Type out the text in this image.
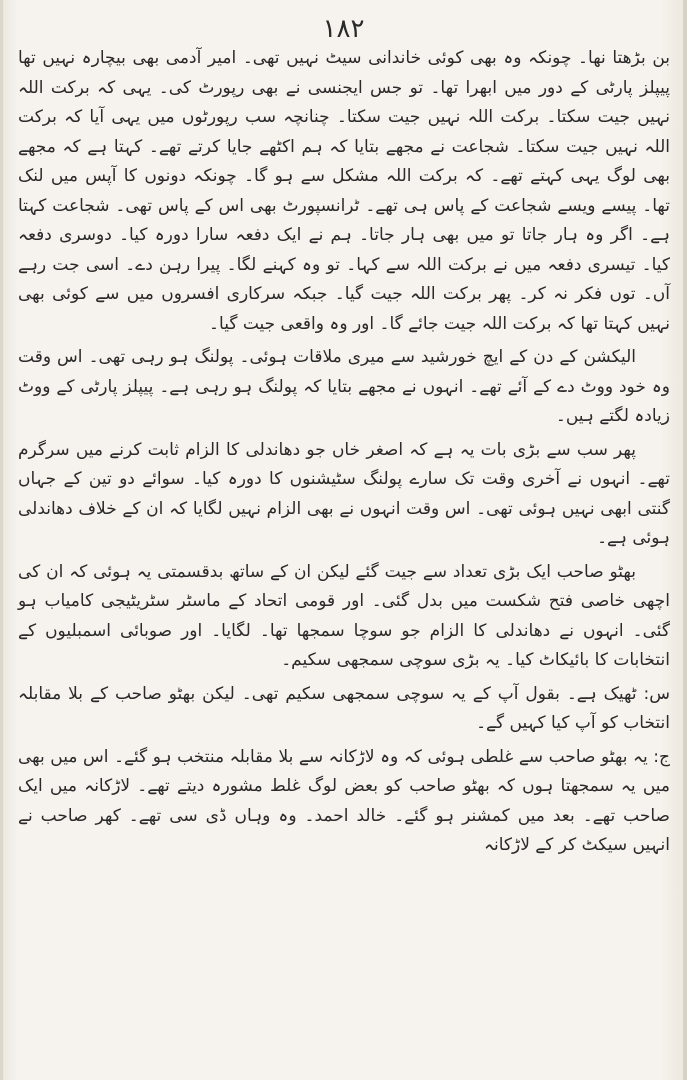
۱۸۲

بن بڑھتا نھا۔ چونکہ وہ بھی کوئی خاندانی سیٹ نہیں تھی۔ امیر آدمی بھی بیچارہ نہیں تھا پیپلز پارٹی کے دور میں ابھرا تھا۔ تو جس ایجنسی نے بھی رپورٹ کی۔ یہی کہ برکت اللہ نہیں جیت سکتا۔ برکت اللہ نہیں جیت سکتا۔ چنانچہ سب رپورٹوں میں یہی آیا کہ برکت اللہ نہیں جیت سکتا۔ شجاعت نے مجھے بتایا کہ ہم اکٹھے جایا کرتے تھے۔ کہتا ہے کہ مجھے بھی لوگ یہی کہتے تھے۔ کہ برکت اللہ مشکل سے ہو گا۔ چونکہ دونوں کا آپس میں لنک تھا۔ پیسے ویسے شجاعت کے پاس ہی تھے۔ ٹرانسپورٹ بھی اس کے پاس تھی۔ شجاعت کہتا ہے۔ اگر وہ ہار جاتا تو میں بھی ہار جاتا۔ ہم نے ایک دفعہ سارا دورہ کیا۔ دوسری دفعہ کیا۔ تیسری دفعہ میں نے برکت اللہ سے کہا۔ تو وہ کہنے لگا۔ پیرا رہن دے۔ اسی جت رہے آں۔ توں فکر نہ کر۔ پھر برکت اللہ جیت گیا۔ جبکہ سرکاری افسروں میں سے کوئی بھی نہیں کہتا تھا کہ برکت اللہ جیت جائے گا۔ اور وہ واقعی جیت گیا۔

الیکشن کے دن کے ایچ خورشید سے میری ملاقات ہوئی۔ پولنگ ہو رہی تھی۔ اس وقت وہ خود ووٹ دے کے آئے تھے۔ انہوں نے مجھے بتایا کہ پولنگ ہو رہی ہے۔ پیپلز پارٹی کے ووٹ زیادہ لگتے ہیں۔

پھر سب سے بڑی بات یہ ہے کہ اصغر خاں جو دھاندلی کا الزام ثابت کرنے میں سرگرم تھے۔ انہوں نے آخری وقت تک سارے پولنگ سٹیشنوں کا دورہ کیا۔ سوائے دو تین کے جہاں گنتی ابھی نہیں ہوئی تھی۔ اس وقت انہوں نے بھی الزام نہیں لگایا کہ ان کے خلاف دھاندلی ہوئی ہے۔

بھٹو صاحب ایک بڑی تعداد سے جیت گئے لیکن ان کے ساتھ بدقسمتی یہ ہوئی کہ ان کی اچھی خاصی فتح شکست میں بدل گئی۔ اور قومی اتحاد کے ماسٹر سٹریٹیجی کامیاب ہو گئی۔ انہوں نے دھاندلی کا الزام جو سوچا سمجھا تھا۔ لگایا۔ اور صوبائی اسمبلیوں کے انتخابات کا بائیکاٹ کیا۔ یہ بڑی سوچی سمجھی سکیم۔

س: ٹھیک ہے۔ بقول آپ کے یہ سوچی سمجھی سکیم تھی۔ لیکن بھٹو صاحب کے بلا مقابلہ انتخاب کو آپ کیا کہیں گے۔

ج: یہ بھٹو صاحب سے غلطی ہوئی کہ وہ لاڑکانہ سے بلا مقابلہ منتخب ہو گئے۔ اس میں بھی میں یہ سمجھتا ہوں کہ بھٹو صاحب کو بعض لوگ غلط مشورہ دیتے تھے۔ لاڑکانہ میں ایک صاحب تھے۔ بعد میں کمشنر ہو گئے۔ خالد احمد۔ وہ وہاں ڈی سی تھے۔ کھر صاحب نے انہیں سیکٹ کر کے لاڑکانہ
